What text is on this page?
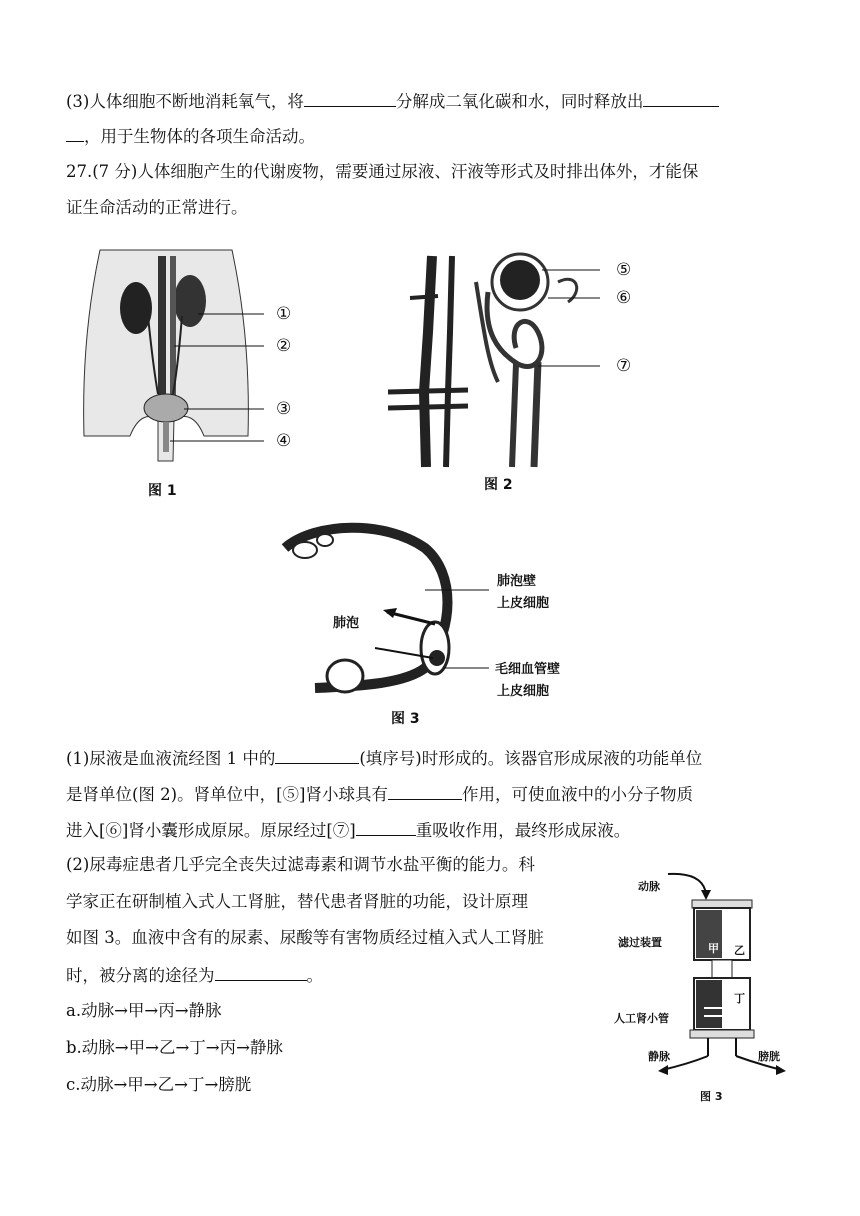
(3)人体细胞不断地消耗氧气，将	分解成二氧化碳和水，同时释放出
，用于生物体的各项生命活动。
27.(7 分)人体细胞产生的代谢废物，需要通过尿液、汗液等形式及时排出体外，才能保
证生命活动的正常进行。
①
②
③
④
图 1
⑤
⑥
⑦
图 2
肺泡壁
上皮细胞
肺泡
毛细血管壁
上皮细胞
图 3
(1)尿液是血液流经图 1 中的	(填序号)时形成的。该器官形成尿液的功能单位
是肾单位(图 2)。肾单位中，[⑤]肾小球具有	作用，可使血液中的小分子物质
进入[⑥]肾小囊形成原尿。原尿经过[⑦]	重吸收作用，最终形成尿液。
(2)尿毒症患者几乎完全丧失过滤毒素和调节水盐平衡的能力。科
学家正在研制植入式人工肾脏，替代患者肾脏的功能，设计原理
如图 3。血液中含有的尿素、尿酸等有害物质经过植入式人工肾脏
时，被分离的途径为	。
a.动脉→甲→丙→静脉
b.动脉→甲→乙→丁→丙→静脉
c.动脉→甲→乙→丁→膀胱
动脉
滤过装置	甲 乙
丁
人工肾小管
静脉	膀胱
图 3
